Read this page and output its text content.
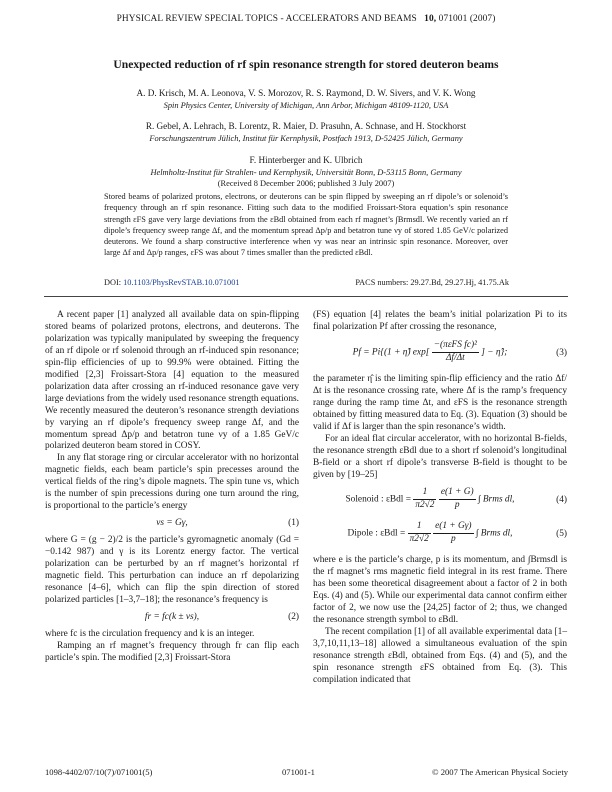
PHYSICAL REVIEW SPECIAL TOPICS - ACCELERATORS AND BEAMS 10, 071001 (2007)
Unexpected reduction of rf spin resonance strength for stored deuteron beams
A. D. Krisch, M. A. Leonova, V. S. Morozov, R. S. Raymond, D. W. Sivers, and V. K. Wong
Spin Physics Center, University of Michigan, Ann Arbor, Michigan 48109-1120, USA
R. Gebel, A. Lehrach, B. Lorentz, R. Maier, D. Prasuhn, A. Schnase, and H. Stockhorst
Forschungszentrum Jülich, Institut für Kernphysik, Postfach 1913, D-52425 Jülich, Germany
F. Hinterberger and K. Ulbrich
Helmholtz-Institut für Strahlen- und Kernphysik, Universität Bonn, D-53115 Bonn, Germany
(Received 8 December 2006; published 3 July 2007)
Stored beams of polarized protons, electrons, or deuterons can be spin flipped by sweeping an rf dipole’s or solenoid’s frequency through an rf spin resonance. Fitting such data to the modified Froissart-Stora equation’s spin resonance strength εFS gave very large deviations from the εBdl obtained from each rf magnet’s ∫Brmsdl. We recently varied an rf dipole’s frequency sweep range Δf, and the momentum spread Δp/p and betatron tune νy of stored 1.85 GeV/c polarized deuterons. We found a sharp constructive interference when νy was near an intrinsic spin resonance. Moreover, over large Δf and Δp/p ranges, εFS was about 7 times smaller than the predicted εBdl.
DOI: 10.1103/PhysRevSTAB.10.071001	PACS numbers: 29.27.Bd, 29.27.Hj, 41.75.Ak

A recent paper [1] analyzed all available data on spin-flipping stored beams of polarized protons, electrons, and deuterons. The polarization was typically manipulated by sweeping the frequency of an rf dipole or rf solenoid through an rf-induced spin resonance; spin-flip efficiencies of up to 99.9% were obtained. Fitting the modified [2,3] Froissart-Stora [4] equation to the measured polarization data after crossing an rf-induced resonance gave very large deviations from the widely used resonance strength equations. We recently measured the deuteron’s resonance strength deviations by varying an rf dipole’s frequency sweep range Δf, and the momentum spread Δp/p and betatron tune νy of a 1.85 GeV/c polarized deuteron beam stored in COSY.

In any flat storage ring or circular accelerator with no horizontal magnetic fields, each beam particle’s spin precesses around the vertical fields of the ring’s dipole magnets. The spin tune νs, which is the number of spin precessions during one turn around the ring, is proportional to the particle’s energy

νs = Gγ,	(1)

where G = (g − 2)/2 is the particle’s gyromagnetic anomaly (Gd = −0.142 987) and γ is its Lorentz energy factor. The vertical polarization can be perturbed by an rf magnet’s horizontal rf magnetic field. This perturbation can induce an rf depolarizing resonance [4–6], which can flip the spin direction of stored polarized particles [1–3,7–18]; the resonance’s frequency is

fr = fc(k ± νs),	(2)

where fc is the circulation frequency and k is an integer.

Ramping an rf magnet’s frequency through fr can flip each particle’s spin. The modified [2,3] Froissart-Stora

(FS) equation [4] relates the beam’s initial polarization Pi to its final polarization Pf after crossing the resonance,

Pf = Pi{(1 + η̂) $\exp[ \frac{\text{−(πεFS fc)²}}{\Delta f/\Delta t}$ ] − η̂};	(3)

the parameter η̂ is the limiting spin-flip efficiency and the ratio Δf/Δt is the resonance crossing rate, where Δf is the ramp’s frequency range during the ramp time Δt, and εFS is the resonance strength obtained by fitting measured data to Eq. (3). Equation (3) should be valid if Δf is larger than the spin resonance’s width.

For an ideal flat circular accelerator, with no horizontal B-fields, the resonance strength εBdl due to a short rf solenoid’s longitudinal B-field or a short rf dipole’s transverse B-field is thought to be given by [19–25]

Solenoid : $\varepsilon Bdl = \frac{1}{\pi 2√2}$
$\frac{e(1 + G)}{p}$ ∫ Brms dl,	(4)
Dipole : $\varepsilon Bdl = \frac{1}{\pi 2√2}$
$\frac{e(1 + G\gamma)}{p}$ ∫ Brms dl,	(5)

where e is the particle’s charge, p is its momentum, and ∫Brmsdl is the rf magnet’s rms magnetic field integral in its rest frame. There has been some theoretical disagreement about a factor of 2 in both Eqs. (4) and (5). While our experimental data cannot confirm either factor of 2, we now use the [24,25] factor of 2; thus, we changed the resonance strength symbol to εBdl.

The recent compilation [1] of all available experimental data [1–3,7,10,11,13–18] allowed a simultaneous evaluation of the spin resonance strength εBdl, obtained from Eqs. (4) and (5), and the spin resonance strength εFS obtained from Eq. (3). This compilation indicated that

1098-4402/07/10(7)/071001(5)	071001-1	© 2007 The American Physical Society
